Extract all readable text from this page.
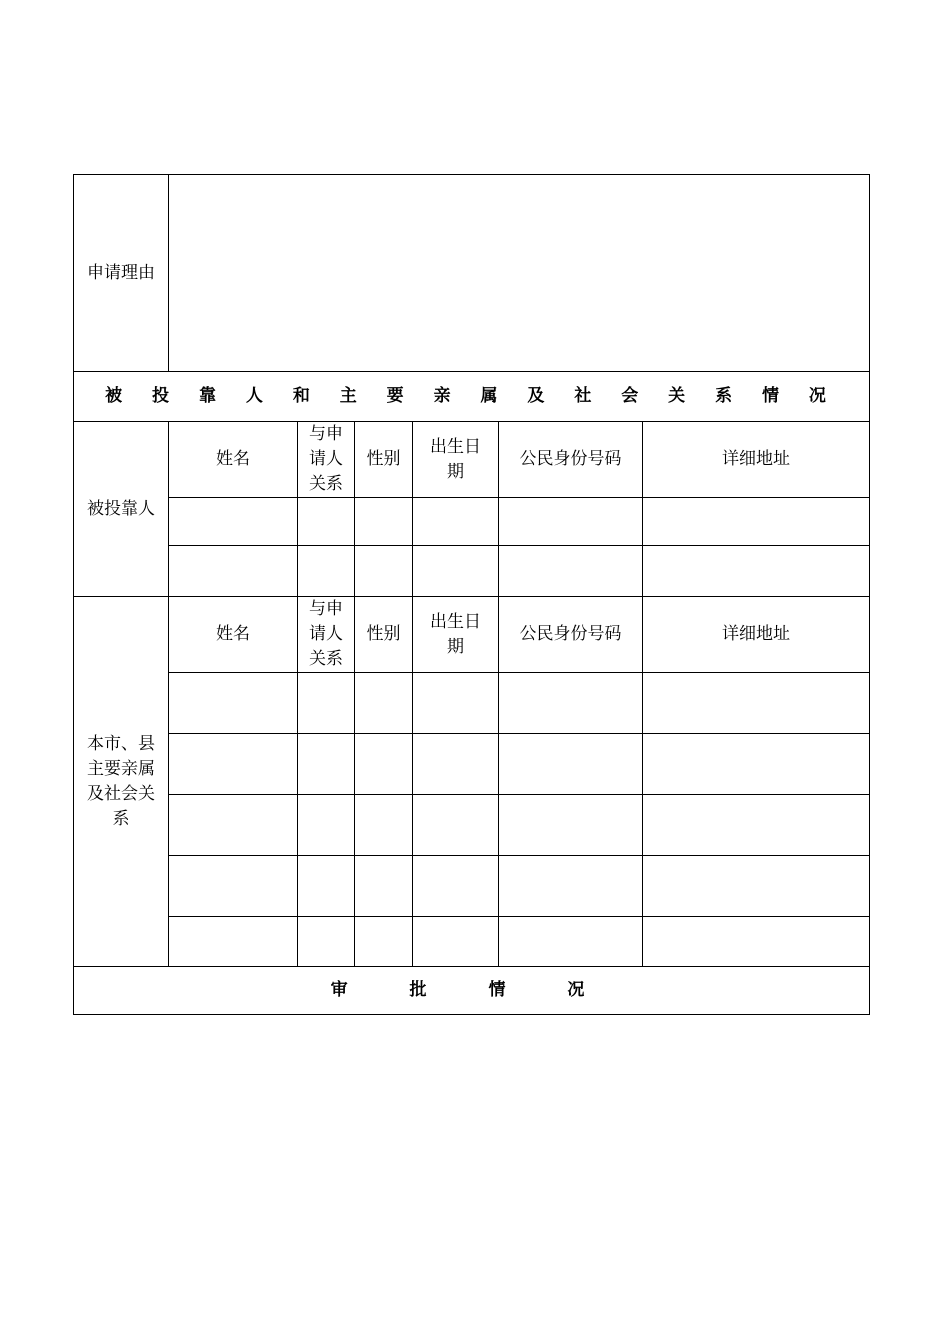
申请理由						
被 投 靠 人 和 主 要 亲 属 及 社 会 关 系 情 况						
被投靠人	姓名	与申请人关系	性别	出生日期	公民身份号码	详细地址

本市、县主要亲属及社会关系	姓名	与申请人关系	性别	出生日期	公民身份号码	详细地址

审 批 情 况						
